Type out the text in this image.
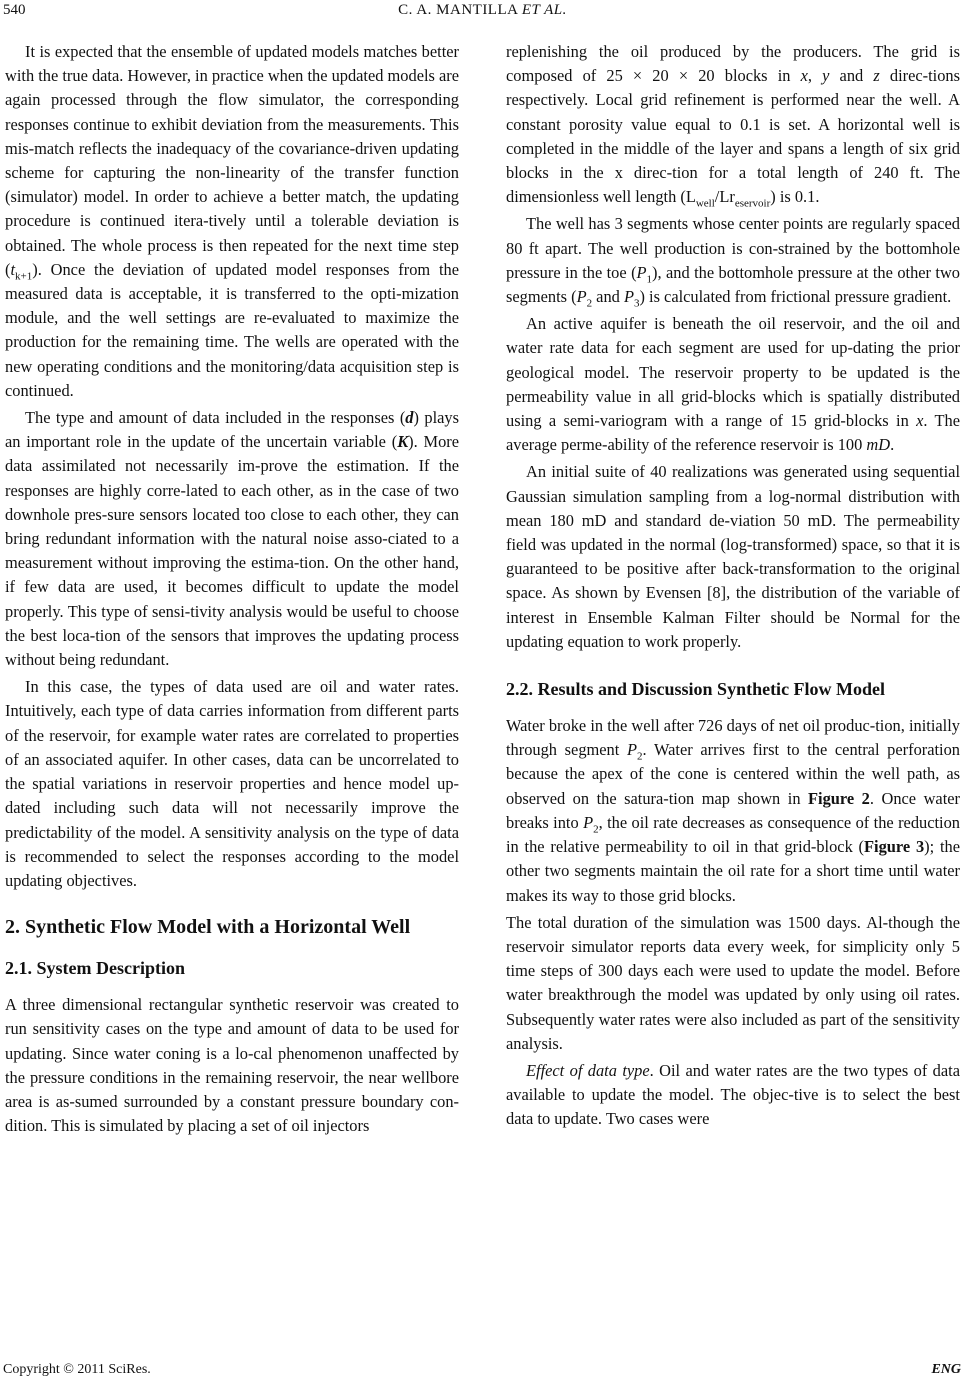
540	C. A. MANTILLA ET AL.

It is expected that the ensemble of updated models matches better with the true data. However, in practice when the updated models are again processed through the flow simulator, the corresponding responses continue to exhibit deviation from the measurements. This mis-match reflects the inadequacy of the covariance-driven updating scheme for capturing the non-linearity of the transfer function (simulator) model. In order to achieve a better match, the updating procedure is continued itera-tively until a tolerable deviation is obtained. The whole process is then repeated for the next time step $(t_{k+1})$. Once the deviation of updated model responses from the measured data is acceptable, it is transferred to the opti-mization module, and the well settings are re-evaluated to maximize the production for the remaining time. The wells are operated with the new operating conditions and the monitoring/data acquisition step is continued.

The type and amount of data included in the responses (d) plays an important role in the update of the uncertain variable (K). More data assimilated not necessarily im-prove the estimation. If the responses are highly corre-lated to each other, as in the case of two downhole pres-sure sensors located too close to each other, they can bring redundant information with the natural noise asso-ciated to a measurement without improving the estima-tion. On the other hand, if few data are used, it becomes difficult to update the model properly. This type of sensi-tivity analysis would be useful to choose the best loca-tion of the sensors that improves the updating process without being redundant.

In this case, the types of data used are oil and water rates. Intuitively, each type of data carries information from different parts of the reservoir, for example water rates are correlated to properties of an associated aquifer. In other cases, data can be uncorrelated to the spatial variations in reservoir properties and hence model up-dated including such data will not necessarily improve the predictability of the model. A sensitivity analysis on the type of data is recommended to select the responses according to the model updating objectives.

2. Synthetic Flow Model with a Horizontal Well
2.1. System Description

A three dimensional rectangular synthetic reservoir was created to run sensitivity cases on the type and amount of data to be used for updating. Since water coning is a lo-cal phenomenon unaffected by the pressure conditions in the remaining reservoir, the near wellbore area is as-sumed surrounded by a constant pressure boundary con-dition. This is simulated by placing a set of oil injectors

replenishing the oil produced by the producers. The grid is composed of 25 × 20 × 20 blocks in x, y and z direc-tions respectively. Local grid refinement is performed near the well. A constant porosity value equal to 0.1 is set. A horizontal well is completed in the middle of the layer and spans a length of six grid blocks in the x direc-tion for a total length of 240 ft. The dimensionless well length $(L_{well}/Lr_{eservoir})$ is 0.1.

The well has 3 segments whose center points are regularly spaced 80 ft apart. The well production is con-strained by the bottomhole pressure in the toe $(P_1)$, and the bottomhole pressure at the other two segments ($P_2$ and $P_3$) is calculated from frictional pressure gradient.

An active aquifer is beneath the oil reservoir, and the oil and water rate data for each segment are used for up-dating the prior geological model. The reservoir property to be updated is the permeability value in all grid-blocks which is spatially distributed using a semi-variogram with a range of 15 grid-blocks in x. The average perme-ability of the reference reservoir is 100 mD.

An initial suite of 40 realizations was generated using sequential Gaussian simulation sampling from a log-normal distribution with mean 180 mD and standard de-viation 50 mD. The permeability field was updated in the normal (log-transformed) space, so that it is guaranteed to be positive after back-transformation to the original space. As shown by Evensen [8], the distribution of the variable of interest in Ensemble Kalman Filter should be Normal for the updating equation to work properly.

2.2. Results and Discussion Synthetic Flow Model

Water broke in the well after 726 days of net oil produc-tion, initially through segment $P_2$. Water arrives first to the central perforation because the apex of the cone is centered within the well path, as observed on the satura-tion map shown in Figure 2. Once water breaks into $P_2$, the oil rate decreases as consequence of the reduction in the relative permeability to oil in that grid-block (Figure 3); the other two segments maintain the oil rate for a short time until water makes its way to those grid blocks.

The total duration of the simulation was 1500 days. Al-though the reservoir simulator reports data every week, for simplicity only 5 time steps of 300 days each were used to update the model. Before water breakthrough the model was updated by only using oil rates. Subsequently water rates were also included as part of the sensitivity analysis.

Effect of data type. Oil and water rates are the two types of data available to update the model. The objec-tive is to select the best data to update. Two cases were

Copyright © 2011 SciRes.	ENG
